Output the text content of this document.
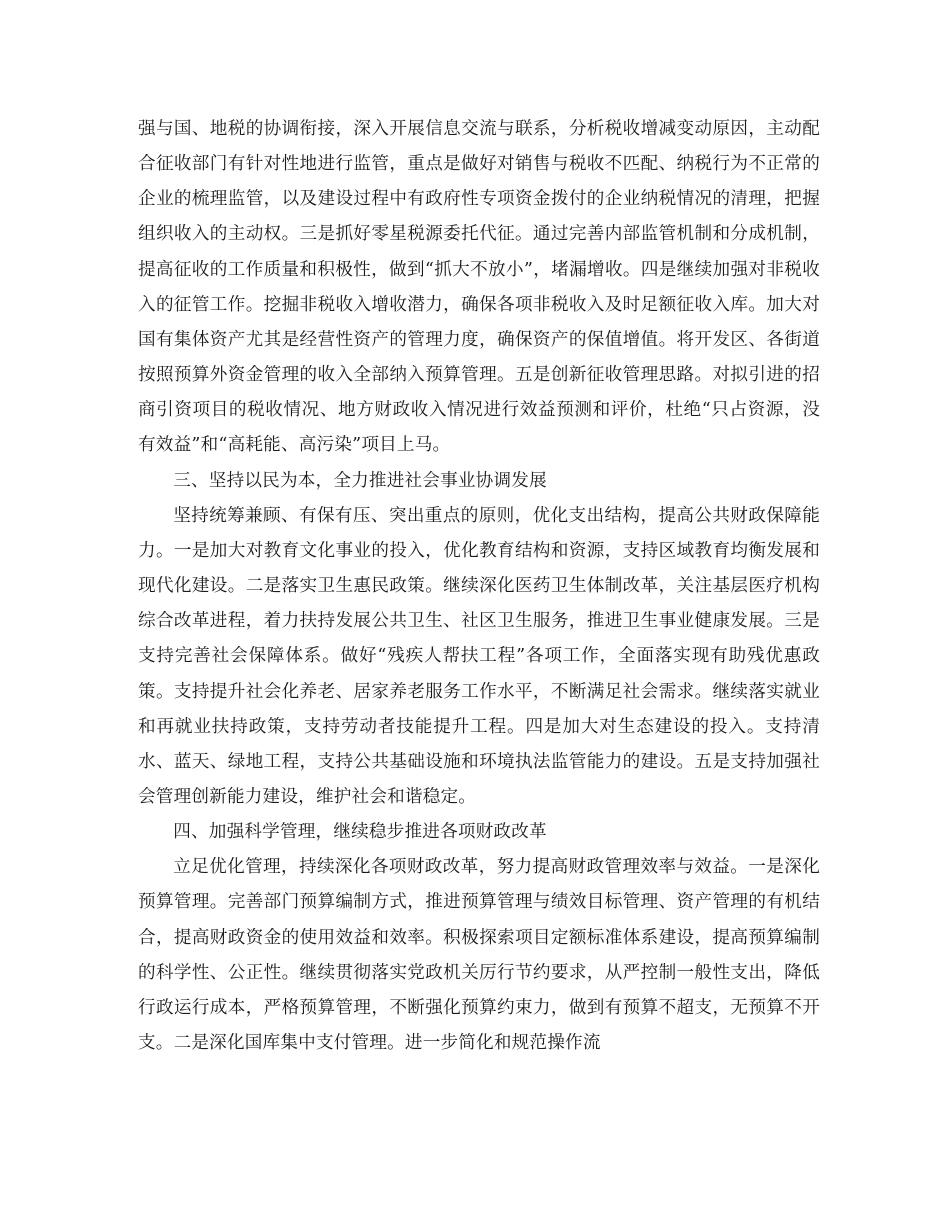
强与国、地税的协调衔接，深入开展信息交流与联系，分析税收增减变动原因，主动配合征收部门有针对性地进行监管，重点是做好对销售与税收不匹配、纳税行为不正常的企业的梳理监管，以及建设过程中有政府性专项资金拨付的企业纳税情况的清理，把握组织收入的主动权。三是抓好零星税源委托代征。通过完善内部监管机制和分成机制，提高征收的工作质量和积极性，做到“抓大不放小”，堵漏增收。四是继续加强对非税收入的征管工作。挖掘非税收入增收潜力，确保各项非税收入及时足额征收入库。加大对国有集体资产尤其是经营性资产的管理力度，确保资产的保值增值。将开发区、各街道按照预算外资金管理的收入全部纳入预算管理。五是创新征收管理思路。对拟引进的招商引资项目的税收情况、地方财政收入情况进行效益预测和评价，杜绝“只占资源，没有效益”和“高耗能、高污染”项目上马。

三、坚持以民为本，全力推进社会事业协调发展

坚持统筹兼顾、有保有压、突出重点的原则，优化支出结构，提高公共财政保障能力。一是加大对教育文化事业的投入，优化教育结构和资源，支持区域教育均衡发展和现代化建设。二是落实卫生惠民政策。继续深化医药卫生体制改革，关注基层医疗机构综合改革进程，着力扶持发展公共卫生、社区卫生服务，推进卫生事业健康发展。三是支持完善社会保障体系。做好“残疾人帮扶工程”各项工作，全面落实现有助残优惠政策。支持提升社会化养老、居家养老服务工作水平，不断满足社会需求。继续落实就业和再就业扶持政策，支持劳动者技能提升工程。四是加大对生态建设的投入。支持清水、蓝天、绿地工程，支持公共基础设施和环境执法监管能力的建设。五是支持加强社会管理创新能力建设，维护社会和谐稳定。

四、加强科学管理，继续稳步推进各项财政改革

立足优化管理，持续深化各项财政改革，努力提高财政管理效率与效益。一是深化预算管理。完善部门预算编制方式，推进预算管理与绩效目标管理、资产管理的有机结合，提高财政资金的使用效益和效率。积极探索项目定额标准体系建设，提高预算编制的科学性、公正性。继续贯彻落实党政机关厉行节约要求，从严控制一般性支出，降低行政运行成本，严格预算管理，不断强化预算约束力，做到有预算不超支，无预算不开支。二是深化国库集中支付管理。进一步简化和规范操作流
